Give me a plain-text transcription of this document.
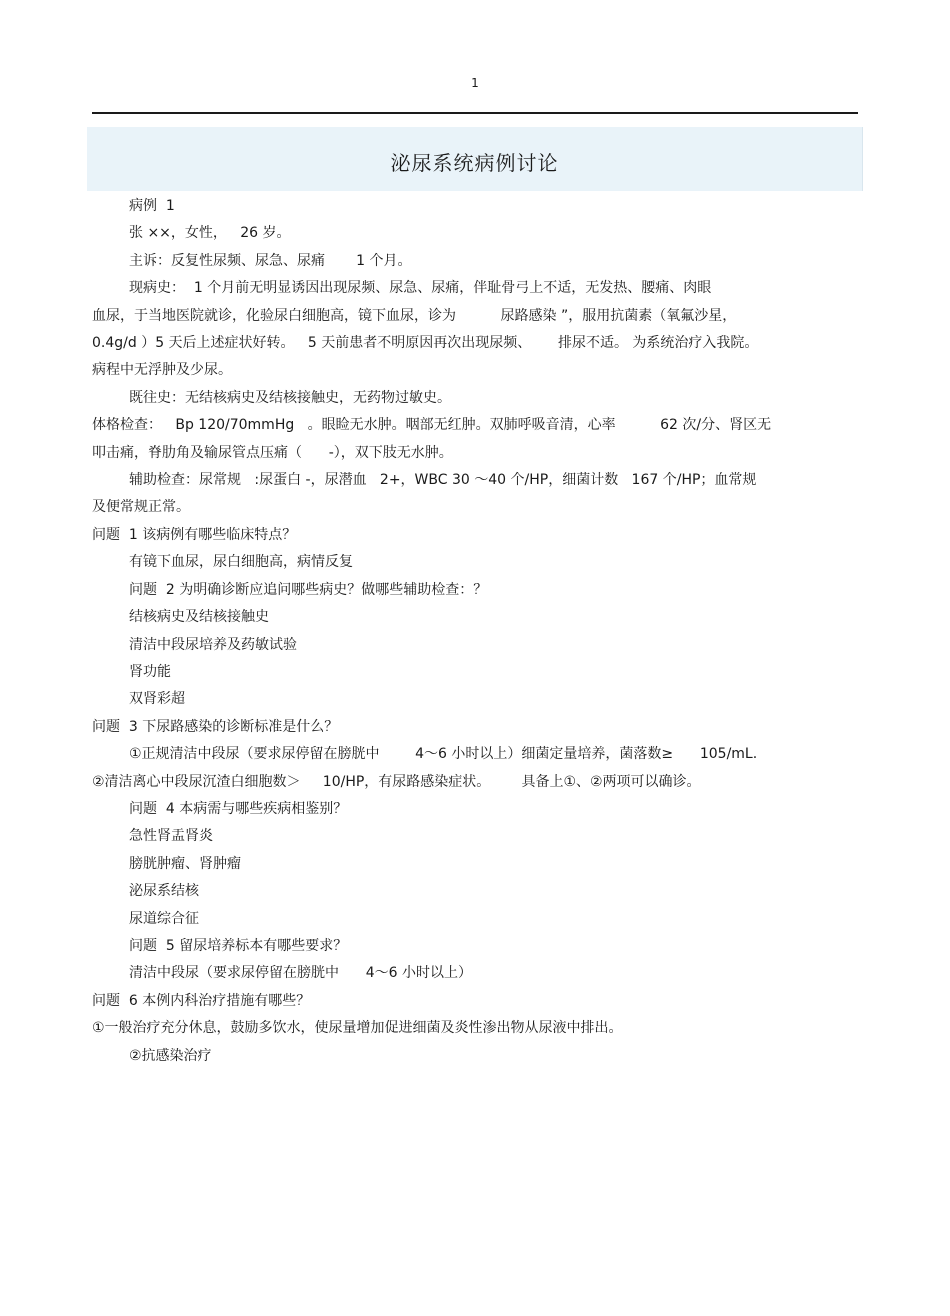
1
泌尿系统病例讨论

病例  1

张 ××，女性，   26 岁。

主诉：反复性尿频、尿急、尿痛       1 个月。

现病史：  1 个月前无明显诱因出现尿频、尿急、尿痛，伴耻骨弓上不适，无发热、腰痛、肉眼

血尿，于当地医院就诊，化验尿白细胞高，镜下血尿，诊为          尿路感染 ”，服用抗菌素（氧氟沙星，

0.4g/d ）5 天后上述症状好转。   5 天前患者不明原因再次出现尿频、      排尿不适。 为系统治疗入我院。

病程中无浮肿及少尿。

既往史：无结核病史及结核接触史，无药物过敏史。

体格检查：   Bp 120/70mmHg   。眼睑无水肿。咽部无红肿。双肺呼吸音清，心率          62 次/分、肾区无

叩击痛，脊肋角及输尿管点压痛（      -），双下肢无水肿。

辅助检查：尿常规   :尿蛋白 -，尿潜血   2+，WBC 30 ～40 个/HP，细菌计数   167 个/HP；血常规

及便常规正常。

问题  1 该病例有哪些临床特点？

有镜下血尿，尿白细胞高，病情反复

问题  2 为明确诊断应追问哪些病史？做哪些辅助检查：？

结核病史及结核接触史

清洁中段尿培养及药敏试验

肾功能

双肾彩超

问题  3 下尿路感染的诊断标准是什么？

①正规清洁中段尿（要求尿停留在膀胱中        4～6 小时以上）细菌定量培养，菌落数≥      105/mL.

②清洁离心中段尿沉渣白细胞数＞     10/HP，有尿路感染症状。       具备上①、②两项可以确诊。

问题  4 本病需与哪些疾病相鉴别？

急性肾盂肾炎

膀胱肿瘤、肾肿瘤

泌尿系结核

尿道综合征

问题  5 留尿培养标本有哪些要求？

清洁中段尿（要求尿停留在膀胱中      4～6 小时以上）

问题  6 本例内科治疗措施有哪些？

①一般治疗充分休息，鼓励多饮水，使尿量增加促进细菌及炎性渗出物从尿液中排出。

②抗感染治疗
